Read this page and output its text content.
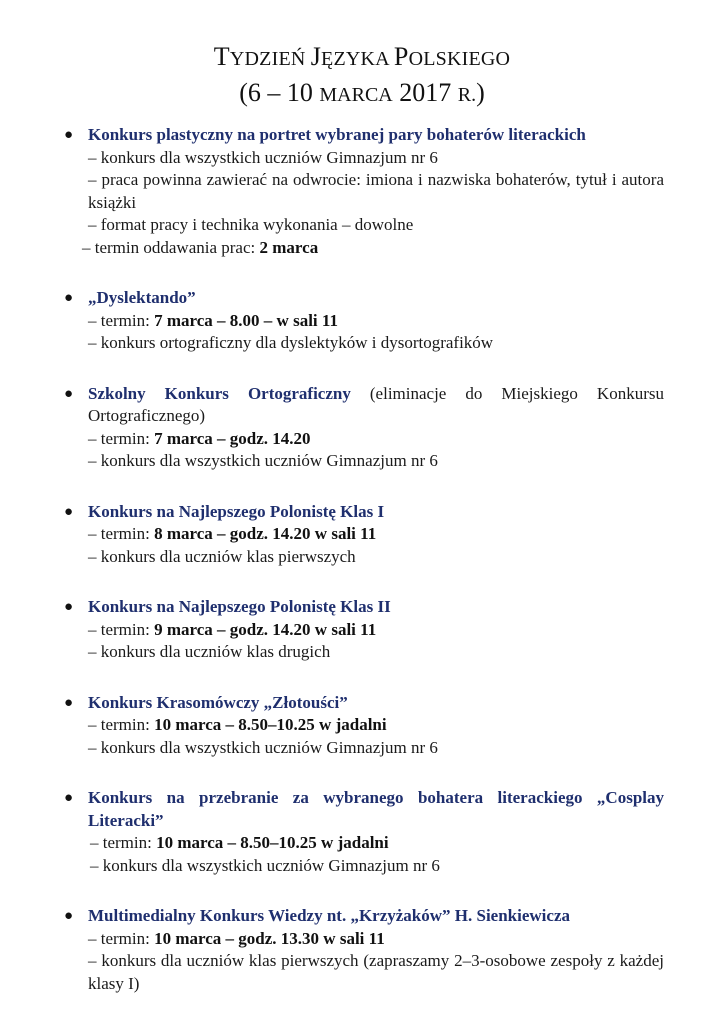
TYDZIEŃ JĘZYKA POLSKIEGO
(6 – 10 MARCA 2017 R.)
● Konkurs plastyczny na portret wybranej pary bohaterów literackich
– konkurs dla wszystkich uczniów Gimnazjum nr 6
– praca powinna zawierać na odwrocie: imiona i nazwiska bohaterów, tytuł i autora książki
– format pracy i technika wykonania – dowolne
– termin oddawania prac: 2 marca
● „Dyslektando”
– termin: 7 marca – 8.00 – w sali 11
– konkurs ortograficzny dla dyslektyków i dysortografików
● Szkolny Konkurs Ortograficzny (eliminacje do Miejskiego Konkursu Ortograficznego)
– termin: 7 marca – godz. 14.20
– konkurs dla wszystkich uczniów Gimnazjum nr 6
● Konkurs na Najlepszego Polonistę Klas I
– termin: 8 marca – godz. 14.20 w sali 11
– konkurs dla uczniów klas pierwszych
● Konkurs na Najlepszego Polonistę Klas II
– termin: 9 marca – godz. 14.20 w sali 11
– konkurs dla uczniów klas drugich
● Konkurs Krasomówczy „Złotouści”
– termin: 10 marca – 8.50–10.25 w jadalni
– konkurs dla wszystkich uczniów Gimnazjum nr 6
● Konkurs na przebranie za wybranego bohatera literackiego „Cosplay Literacki”
– termin: 10 marca – 8.50–10.25 w jadalni
– konkurs dla wszystkich uczniów Gimnazjum nr 6
● Multimedialny Konkurs Wiedzy nt. „Krzyżaków” H. Sienkiewicza
– termin: 10 marca – godz. 13.30 w sali 11
– konkurs dla uczniów klas pierwszych (zapraszamy 2–3-osobowe zespoły z każdej klasy I)
